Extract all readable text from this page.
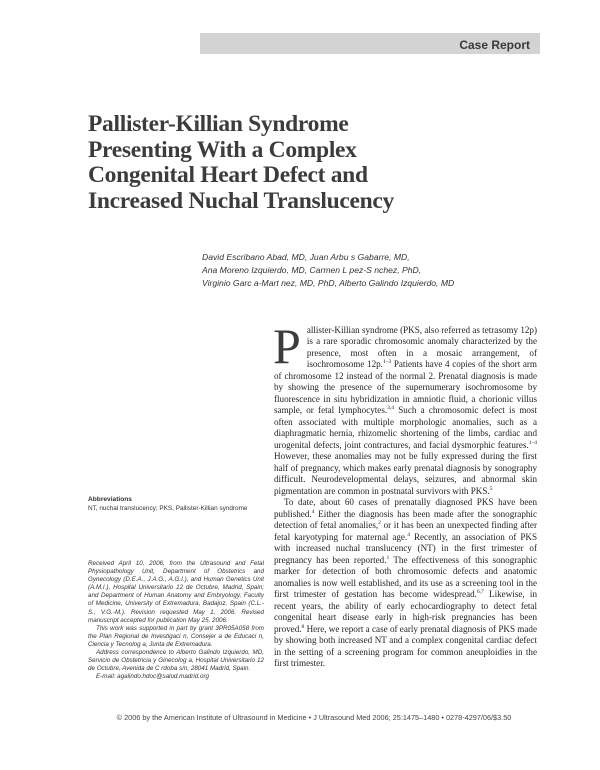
Case Report
Pallister-Killian Syndrome
Presenting With a Complex
Congenital Heart Defect and
Increased Nuchal Translucency
David Escribano Abad, MD, Juan Arbu s Gabarre, MD,
Ana Moreno Izquierdo, MD, Carmen L pez-S nchez, PhD,
Virginio Garc a-Mart nez, MD, PhD, Alberto Galindo Izquierdo, MD
Abbreviations
NT, nuchal translucency; PKS, Pallister-Killian syndrome

Received April 10, 2006, from the Ultrasound and Fetal Physiopathology Unit, Department of Obstetrics and Gynecology (D.E.A., J.A.G., A.G.I.), and Human Genetics Unit (A.M.I.), Hospital Universitario 12 de Octubre, Madrid, Spain; and Department of Human Anatomy and Embryology, Faculty of Medicine, University of Extremadura, Badajoz, Spain (C.L.-S., V.G.-M.). Revision requested May 1, 2006. Revised manuscript accepted for publication May 25, 2006.

This work was supported in part by grant 3PR05A058 from the Plan Regional de Investigaci n, Consejer a de Educaci n, Ciencia y Tecnolog a, Junta de Extremadura.

Address correspondence to Alberto Galindo Izquierdo, MD, Servicio de Obstetricia y Ginecolog a, Hospital Universitario 12 de Octubre, Avenida de C rdoba s/n, 28041 Madrid, Spain.

E-mail: agalindo.hdoc@salud.madrid.org

Pallister-Killian syndrome (PKS, also referred as tetrasomy 12p) is a rare sporadic chromosomic anomaly characterized by the presence, most often in a mosaic arrangement, of isochromosome 12p.$^{1-3}$ Patients have 4 copies of the short arm of chromosome 12 instead of the normal 2. Prenatal diagnosis is made by showing the presence of the supernumerary isochromosome by fluorescence in situ hybridization in amniotic fluid, a chorionic villus sample, or fetal lymphocytes.$^{3,4}$ Such a chromosomic defect is most often associated with multiple morphologic anomalies, such as a diaphragmatic hernia, rhizomelic shortening of the limbs, cardiac and urogenital defects, joint contractures, and facial dysmorphic features.$^{1-4}$ However, these anomalies may not be fully expressed during the first half of pregnancy, which makes early prenatal diagnosis by sonography difficult. Neurodevelopmental delays, seizures, and abnormal skin pigmentation are common in postnatal survivors with PKS.$^5$

To date, about 60 cases of prenatally diagnosed PKS have been published.$^4$ Either the diagnosis has been made after the sonographic detection of fetal anomalies,$^2$ or it has been an unexpected finding after fetal karyotyping for maternal age.$^4$ Recently, an association of PKS with increased nuchal translucency (NT) in the first trimester of pregnancy has been reported.$^1$ The effectiveness of this sonographic marker for detection of both chromosomic defects and anatomic anomalies is now well established, and its use as a screening tool in the first trimester of gestation has become widespread.$^{6,7}$ Likewise, in recent years, the ability of early echocardiography to detect fetal congenital heart disease early in high-risk pregnancies has been proved.$^8$ Here, we report a case of early prenatal diagnosis of PKS made by showing both increased NT and a complex congenital cardiac defect in the setting of a screening program for common aneuploidies in the first trimester.

© 2006 by the American Institute of Ultrasound in Medicine • J Ultrasound Med 2006; 25:1475–1480 • 0278-4297/06/$3.50
